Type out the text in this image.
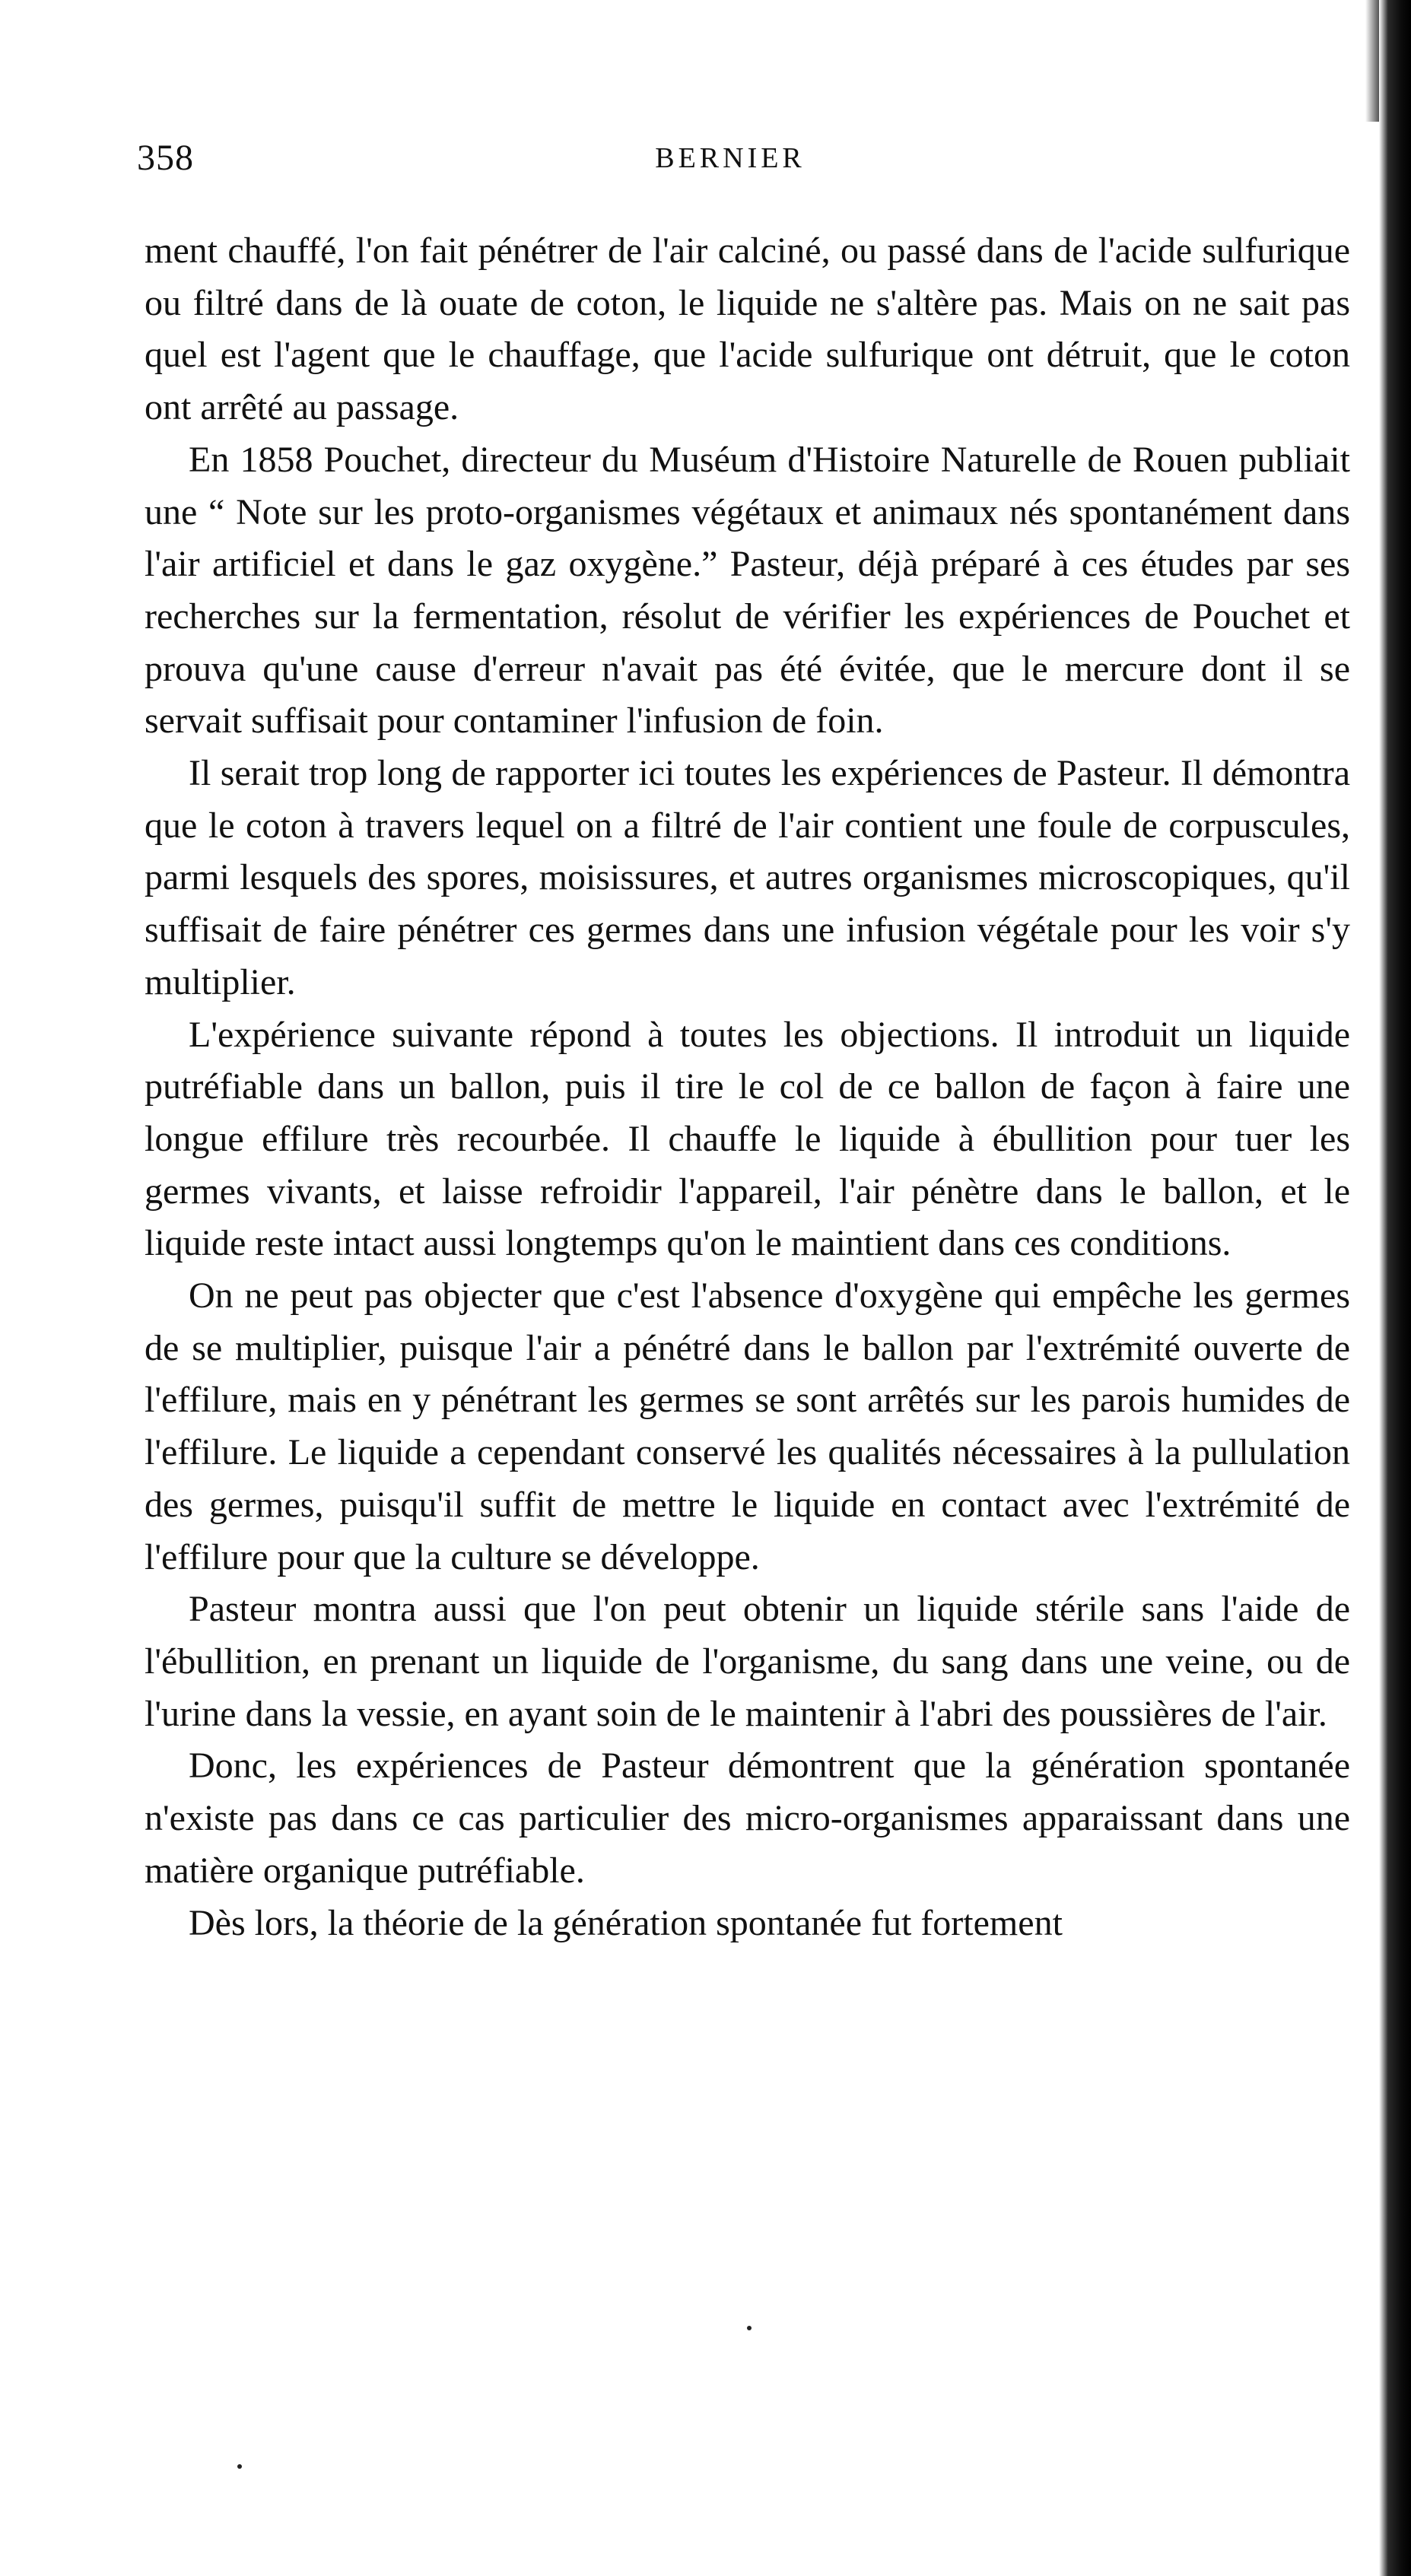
358	BERNIER

ment chauffé, l'on fait pénétrer de l'air calciné, ou passé dans de l'acide sulfurique ou filtré dans de là ouate de coton, le liquide ne s'altère pas. Mais on ne sait pas quel est l'agent que le chauffage, que l'acide sulfurique ont détruit, que le coton ont arrêté au passage.

En 1858 Pouchet, directeur du Muséum d'Histoire Naturelle de Rouen publiait une “ Note sur les proto-organismes végétaux et animaux nés spontanément dans l'air artificiel et dans le gaz oxygène.” Pasteur, déjà préparé à ces études par ses recherches sur la fermentation, résolut de vérifier les expériences de Pouchet et prouva qu'une cause d'erreur n'avait pas été évitée, que le mercure dont il se servait suffisait pour contaminer l'infusion de foin.

Il serait trop long de rapporter ici toutes les expériences de Pasteur. Il démontra que le coton à travers lequel on a filtré de l'air contient une foule de corpuscules, parmi lesquels des spores, moisissures, et autres organismes microscopiques, qu'il suffisait de faire pénétrer ces germes dans une infusion végétale pour les voir s'y multiplier.

L'expérience suivante répond à toutes les objections. Il introduit un liquide putréfiable dans un ballon, puis il tire le col de ce ballon de façon à faire une longue effilure très recourbée. Il chauffe le liquide à ébullition pour tuer les germes vivants, et laisse refroidir l'appareil, l'air pénètre dans le ballon, et le liquide reste intact aussi longtemps qu'on le maintient dans ces conditions.

On ne peut pas objecter que c'est l'absence d'oxygène qui empêche les germes de se multiplier, puisque l'air a pénétré dans le ballon par l'extrémité ouverte de l'effilure, mais en y pénétrant les germes se sont arrêtés sur les parois humides de l'effilure. Le liquide a cependant conservé les qualités nécessaires à la pullulation des germes, puisqu'il suffit de mettre le liquide en contact avec l'extrémité de l'effilure pour que la culture se développe.

Pasteur montra aussi que l'on peut obtenir un liquide stérile sans l'aide de l'ébullition, en prenant un liquide de l'organisme, du sang dans une veine, ou de l'urine dans la vessie, en ayant soin de le maintenir à l'abri des poussières de l'air.

Donc, les expériences de Pasteur démontrent que la génération spontanée n'existe pas dans ce cas particulier des micro-organismes apparaissant dans une matière organique putréfiable.

Dès lors, la théorie de la génération spontanée fut fortement
